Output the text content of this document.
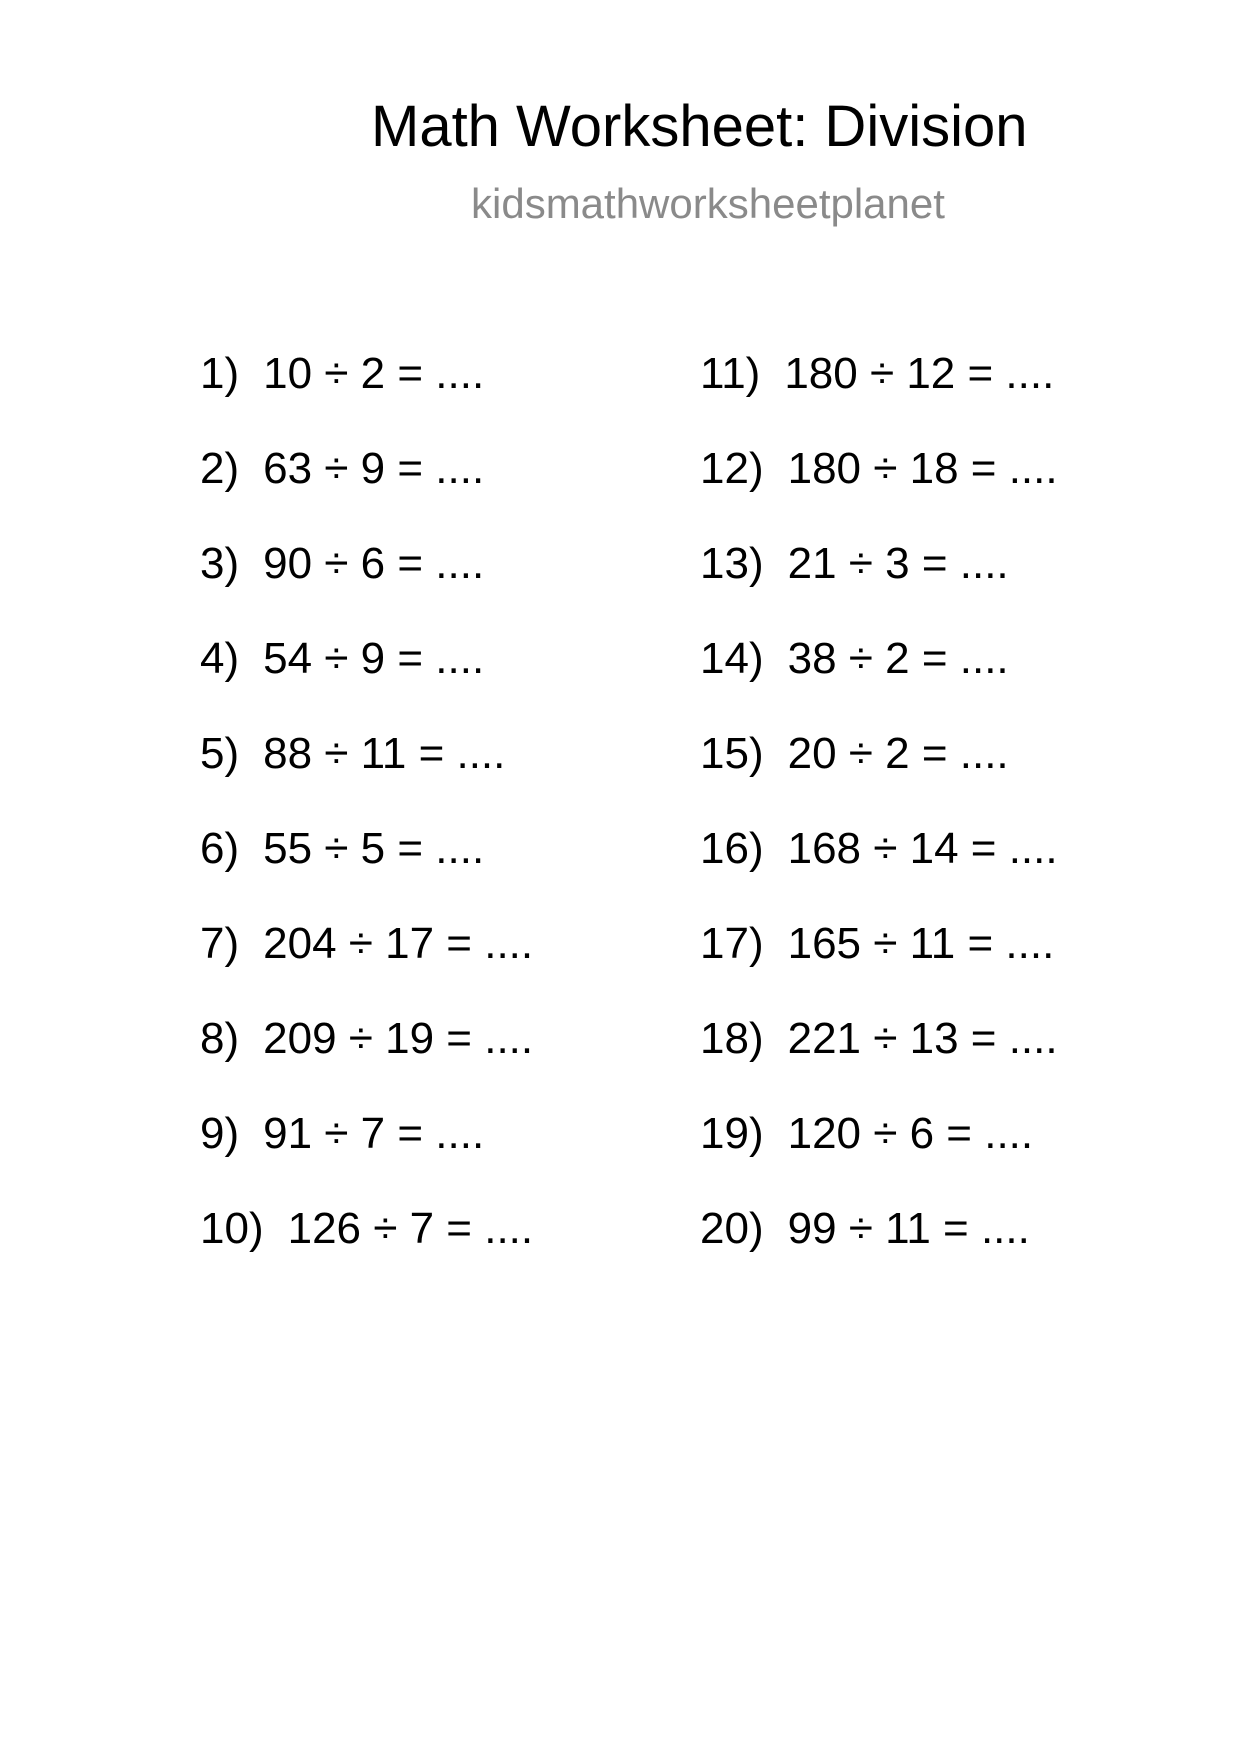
Math Worksheet: Division
kidsmathworksheetplanet
1) 10 ÷ 2 = ....
2) 63 ÷ 9 = ....
3) 90 ÷ 6 = ....
4) 54 ÷ 9 = ....
5) 88 ÷ 11 = ....
6) 55 ÷ 5 = ....
7) 204 ÷ 17 = ....
8) 209 ÷ 19 = ....
9) 91 ÷ 7 = ....
10) 126 ÷ 7 = ....
11) 180 ÷ 12 = ....
12) 180 ÷ 18 = ....
13) 21 ÷ 3 = ....
14) 38 ÷ 2 = ....
15) 20 ÷ 2 = ....
16) 168 ÷ 14 = ....
17) 165 ÷ 11 = ....
18) 221 ÷ 13 = ....
19) 120 ÷ 6 = ....
20) 99 ÷ 11 = ....
